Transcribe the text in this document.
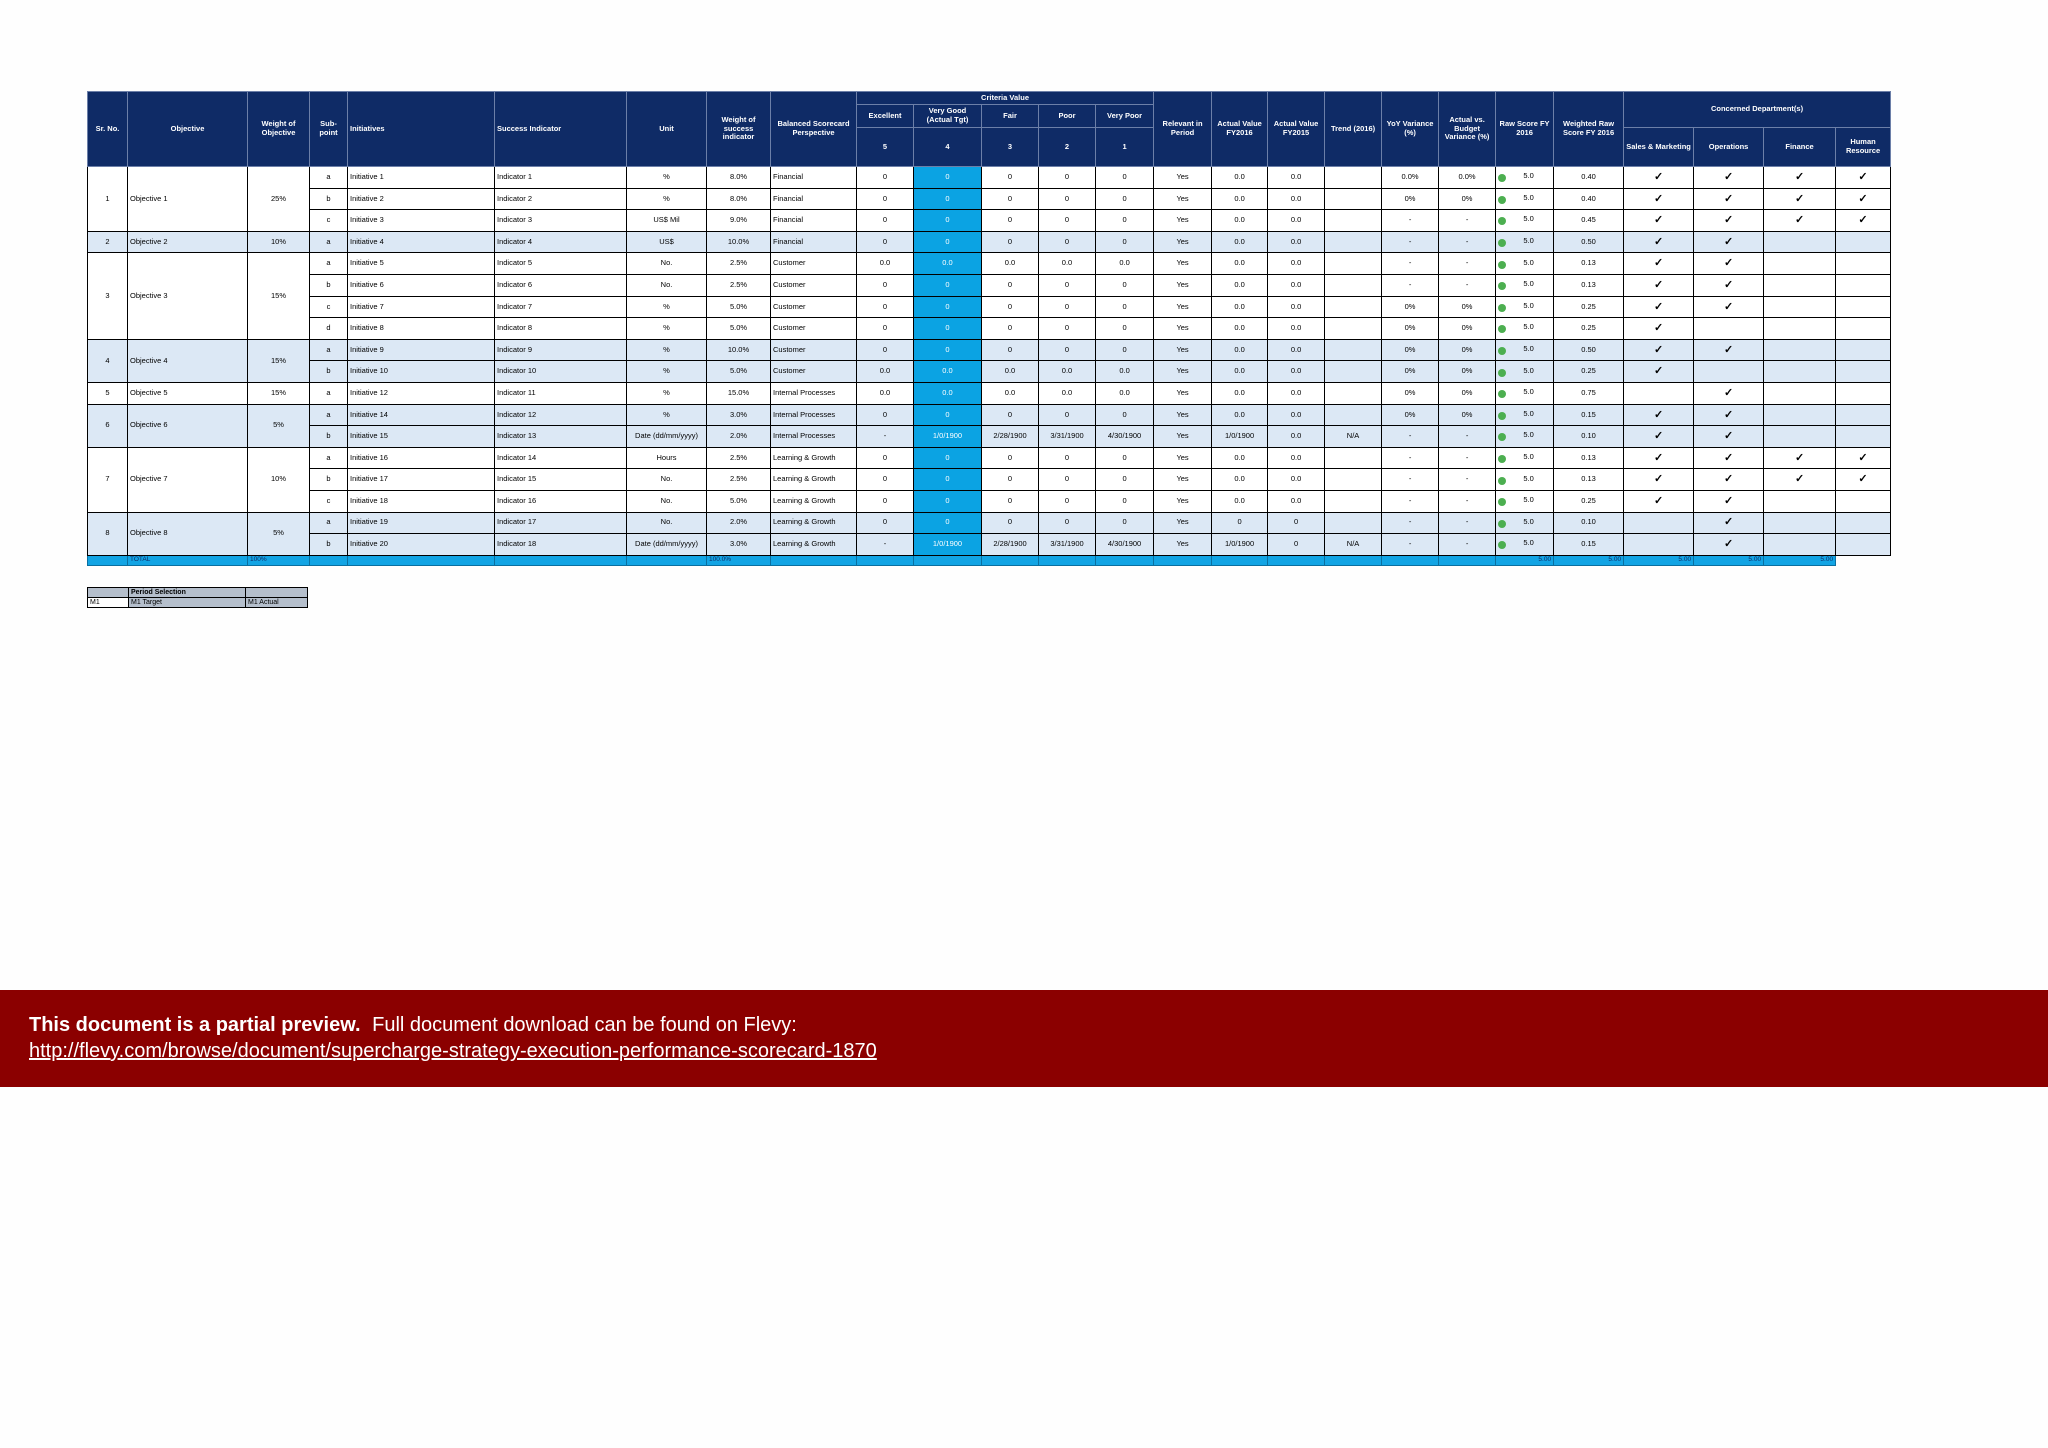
Sr. No.	Objective	Weight of Objective	Sub-point	Initiatives	Success Indicator	Unit	Weight of success indicator	Balanced Scorecard Perspective	Criteria Value					Relevant in Period	Actual Value FY2016	Actual Value FY2015	Trend (2016)	YoY Variance (%)	Actual vs. Budget Variance (%)	Raw Score FY 2016	Weighted Raw Score FY 2016	Concerned Department(s)			
									Excellent	Very Good (Actual Tgt)	Fair	Poor	Very Poor												
									5	4	3	2	1									Sales & Marketing	Operations	Finance	Human Resource
1	Objective 1	25%	a	Initiative 1	Indicator 1	%	8.0%	Financial	0	0	0	0	0	Yes	0.0	0.0		0.0%	0.0%	5.0	0.40	✓	✓	✓	✓
			b	Initiative 2	Indicator 2	%	8.0%	Financial	0	0	0	0	0	Yes	0.0	0.0		0%	0%	5.0	0.40	✓	✓	✓	✓
			c	Initiative 3	Indicator 3	US$ Mil	9.0%	Financial	0	0	0	0	0	Yes	0.0	0.0		-	-	5.0	0.45	✓	✓	✓	✓
2	Objective 2	10%	a	Initiative 4	Indicator 4	US$	10.0%	Financial	0	0	0	0	0	Yes	0.0	0.0		-	-	5.0	0.50	✓	✓		
3	Objective 3	15%	a	Initiative 5	Indicator 5	No.	2.5%	Customer	0.0	0.0	0.0	0.0	0.0	Yes	0.0	0.0		-	-	5.0	0.13	✓	✓		
			b	Initiative 6	Indicator 6	No.	2.5%	Customer	0	0	0	0	0	Yes	0.0	0.0		-	-	5.0	0.13	✓	✓		
			c	Initiative 7	Indicator 7	%	5.0%	Customer	0	0	0	0	0	Yes	0.0	0.0		0%	0%	5.0	0.25	✓	✓		
			d	Initiative 8	Indicator 8	%	5.0%	Customer	0	0	0	0	0	Yes	0.0	0.0		0%	0%	5.0	0.25	✓			
4	Objective 4	15%	a	Initiative 9	Indicator 9	%	10.0%	Customer	0	0	0	0	0	Yes	0.0	0.0		0%	0%	5.0	0.50	✓	✓		
			b	Initiative 10	Indicator 10	%	5.0%	Customer	0.0	0.0	0.0	0.0	0.0	Yes	0.0	0.0		0%	0%	5.0	0.25	✓			
5	Objective 5	15%	a	Initiative 12	Indicator 11	%	15.0%	Internal Processes	0.0	0.0	0.0	0.0	0.0	Yes	0.0	0.0		0%	0%	5.0	0.75		✓		
6	Objective 6	5%	a	Initiative 14	Indicator 12	%	3.0%	Internal Processes	0	0	0	0	0	Yes	0.0	0.0		0%	0%	5.0	0.15	✓	✓		
			b	Initiative 15	Indicator 13	Date (dd/mm/yyyy)	2.0%	Internal Processes	-	1/0/1900	2/28/1900	3/31/1900	4/30/1900	Yes	1/0/1900	0.0	N/A	-	-	5.0	0.10	✓	✓		
7	Objective 7	10%	a	Initiative 16	Indicator 14	Hours	2.5%	Learning & Growth	0	0	0	0	0	Yes	0.0	0.0		-	-	5.0	0.13	✓	✓	✓	✓
			b	Initiative 17	Indicator 15	No.	2.5%	Learning & Growth	0	0	0	0	0	Yes	0.0	0.0		-	-	5.0	0.13	✓	✓	✓	✓
			c	Initiative 18	Indicator 16	No.	5.0%	Learning & Growth	0	0	0	0	0	Yes	0.0	0.0		-	-	5.0	0.25	✓	✓		
8	Objective 8	5%	a	Initiative 19	Indicator 17	No.	2.0%	Learning & Growth	0	0	0	0	0	Yes	0	0		-	-	5.0	0.10		✓		
			b	Initiative 20	Indicator 18	Date (dd/mm/yyyy)	3.0%	Learning & Growth	-	1/0/1900	2/28/1900	3/31/1900	4/30/1900	Yes	1/0/1900	0	N/A	-	-	5.0	0.15		✓		
	TOTAL	100%					100.0%													5.00	5.00	5.00	5.00	5.00	
	Period Selection	
M1	M1 Target	M1 Actual
This document is a partial preview. Full document download can be found on Flevy:
http://flevy.com/browse/document/supercharge-strategy-execution-performance-scorecard-1870
